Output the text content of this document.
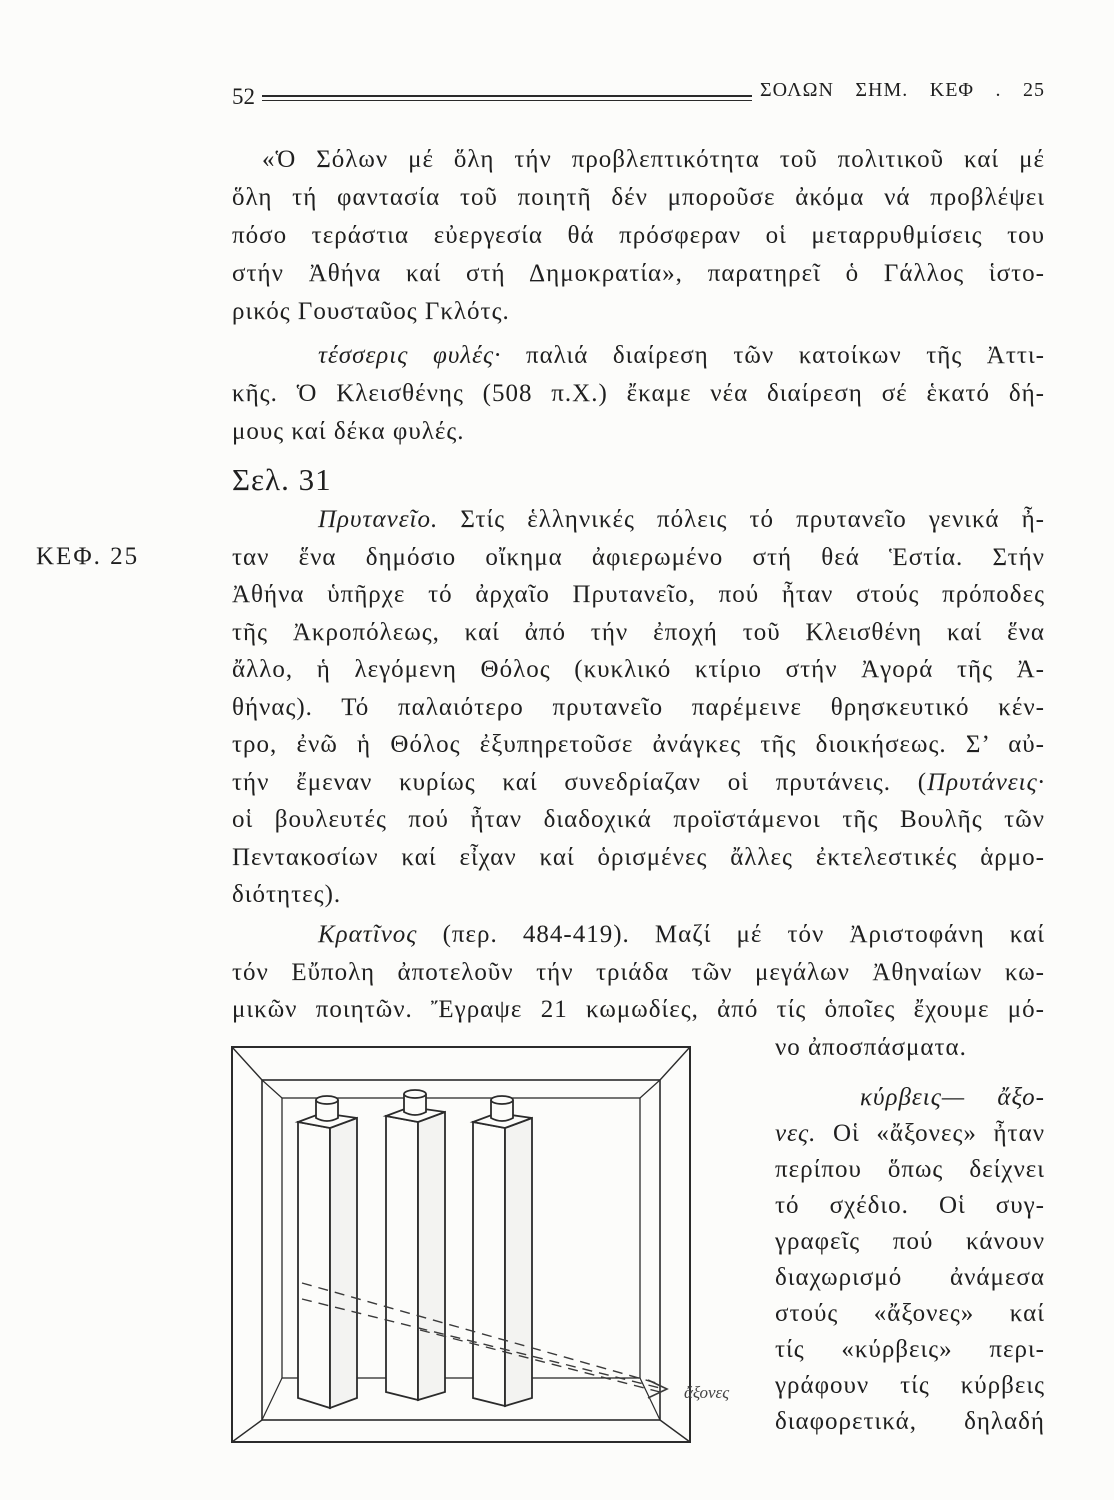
52	ΣΟΛΩΝ ΣΗΜ. ΚΕΦ . 25
«Ὁ Σόλων μέ ὅλη τήν προβλεπτικότητα τοῦ πολιτικοῦ καί μέ
ὅλη τή φαντασία τοῦ ποιητῆ δέν μποροῦσε ἀκόμα νά προβλέψει
πόσο τεράστια εὐεργεσία θά πρόσφεραν οἱ μεταρρυθμίσεις του
στήν Ἀθήνα καί στή Δημοκρατία», παρατηρεῖ ὁ Γάλλος ἱστο-
ρικός Γουσταῦος Γκλότς.
τέσσερις φυλές· παλιά διαίρεση τῶν κατοίκων τῆς Ἀττι-
κῆς. Ὁ Κλεισθένης (508 π.Χ.) ἔκαμε νέα διαίρεση σέ ἑκατό δή-
μους καί δέκα φυλές.
Σελ. 31
ΚΕΦ. 25
Πρυτανεῖο. Στίς ἑλληνικές πόλεις τό πρυτανεῖο γενικά ἦ-
ταν ἕνα δημόσιο οἴκημα ἀφιερωμένο στή θεά Ἑστία. Στήν
Ἀθήνα ὑπῆρχε τό ἀρχαῖο Πρυτανεῖο, πού ἦταν στούς πρόποδες
τῆς Ἀκροπόλεως, καί ἀπό τήν ἐποχή τοῦ Κλεισθένη καί ἕνα
ἄλλο, ἡ λεγόμενη Θόλος (κυκλικό κτίριο στήν Ἀγορά τῆς Ἀ-
θήνας). Τό παλαιότερο πρυτανεῖο παρέμεινε θρησκευτικό κέν-
τρο, ἐνῶ ἡ Θόλος ἐξυπηρετοῦσε ἀνάγκες τῆς διοικήσεως. Σ’ αὐ-
τήν ἔμεναν κυρίως καί συνεδρίαζαν οἱ πρυτάνεις. (Πρυτάνεις·
οἱ βουλευτές πού ἦταν διαδοχικά προϊστάμενοι τῆς Βουλῆς τῶν
Πεντακοσίων καί εἶχαν καί ὁρισμένες ἄλλες ἐκτελεστικές ἁρμο-
διότητες).
Κρατῖνος (περ. 484-419). Μαζί μέ τόν Ἀριστοφάνη καί
τόν Εὔπολη ἀποτελοῦν τήν τριάδα τῶν μεγάλων Ἀθηναίων κω-
μικῶν ποιητῶν. Ἔγραψε 21 κωμωδίες, ἀπό τίς ὁποῖες ἔχουμε μό-
νο ἀποσπάσματα.
κύρβεις— ἄξο-
νες. Οἱ «ἄξονες» ἦταν
περίπου ὅπως δείχνει
τό σχέδιο. Οἱ συγ-
γραφεῖς πού κάνουν
διαχωρισμό ἀνάμεσα
στούς «ἄξονες» καί
τίς «κύρβεις» περι-
γράφουν τίς κύρβεις
διαφορετικά, δηλαδή
ἄξονες
